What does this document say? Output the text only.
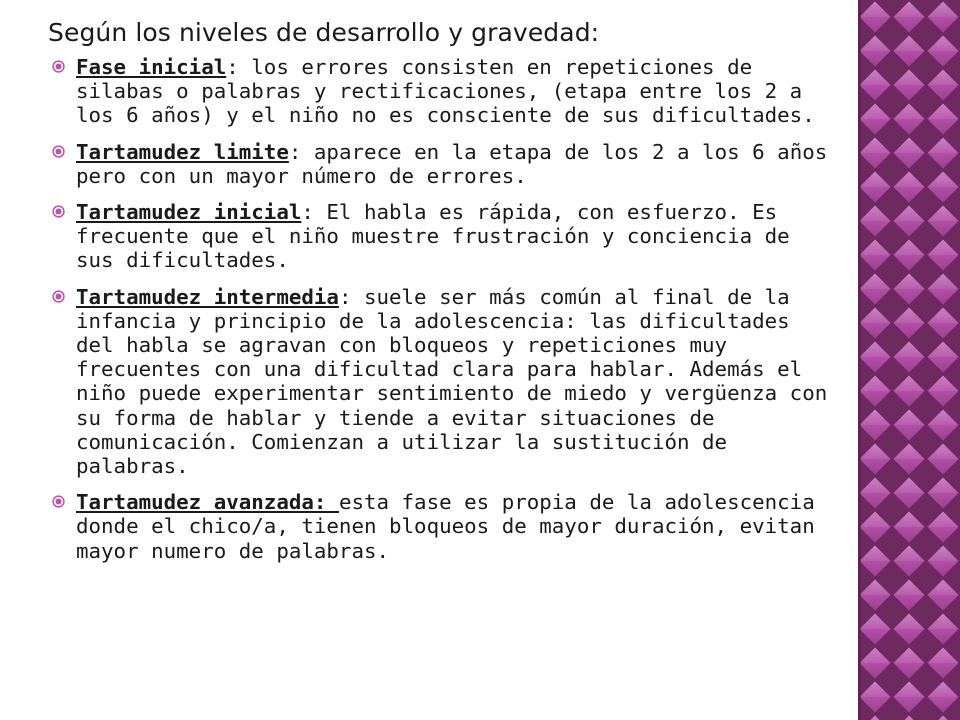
Según los niveles de desarrollo y gravedad:
Fase inicial: los errores consisten en repeticiones de silabas o palabras y rectificaciones, (etapa entre los 2 a los 6 años) y el niño no es consciente de sus dificultades.
Tartamudez limite: aparece en la etapa de los 2 a los 6 años pero con un mayor número de errores.
Tartamudez inicial: El habla es rápida, con esfuerzo. Es frecuente que el niño muestre frustración y conciencia de sus dificultades.
Tartamudez intermedia: suele ser más común al final de la infancia y principio de la adolescencia: las dificultades del habla se agravan con bloqueos y repeticiones muy frecuentes con una dificultad clara para hablar. Además el niño puede experimentar sentimiento de miedo y vergüenza con su forma de hablar y tiende a evitar situaciones de comunicación. Comienzan a utilizar la sustitución de palabras.
Tartamudez avanzada: esta fase es propia de la adolescencia donde el chico/a, tienen bloqueos de mayor duración, evitan mayor numero de palabras.
